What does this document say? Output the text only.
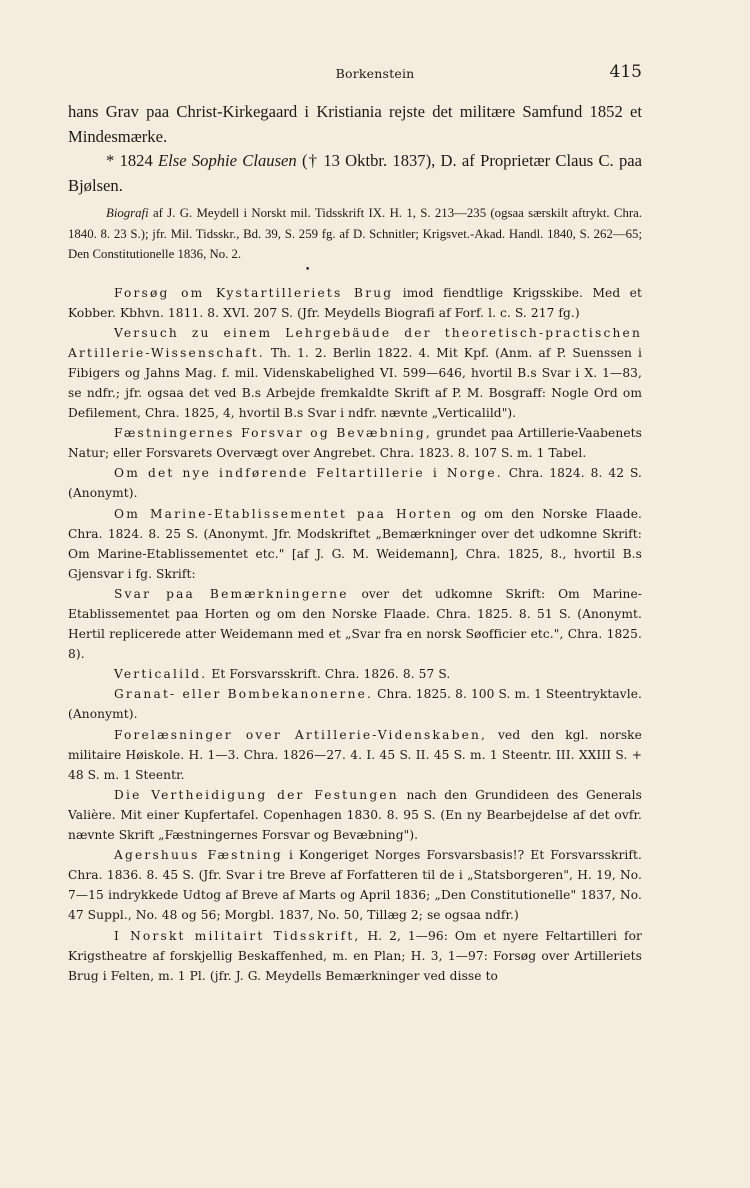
Borkenstein	415

hans Grav paa Christ-Kirkegaard i Kristiania rejste det militære Samfund 1852 et Mindesmærke.

* 1824 Else Sophie Clausen († 13 Oktbr. 1837), D. af Proprietær Claus C. paa Bjølsen.

Biografi af J. G. Meydell i Norskt mil. Tidsskrift IX. H. 1, S. 213—235 (ogsaa særskilt aftrykt. Chra. 1840. 8. 23 S.); jfr. Mil. Tidsskr., Bd. 39, S. 259 fg. af D. Schnitler; Krigsvet.-Akad. Handl. 1840, S. 262—65; Den Constitutionelle 1836, No. 2.

•

Forsøg om Kystartilleriets Brug imod fiendtlige Krigsskibe. Med et Kobber. Kbhvn. 1811. 8. XVI. 207 S. (Jfr. Meydells Biografi af Forf. l. c. S. 217 fg.)

Versuch zu einem Lehrgebäude der theoretisch-practischen Artillerie-Wissenschaft. Th. 1. 2. Berlin 1822. 4. Mit Kpf. (Anm. af P. Suenssen i Fibigers og Jahns Mag. f. mil. Videnskabelighed VI. 599—646, hvortil B.s Svar i X. 1—83, se ndfr.; jfr. ogsaa det ved B.s Arbejde fremkaldte Skrift af P. M. Bosgraff: Nogle Ord om Defilement, Chra. 1825, 4, hvortil B.s Svar i ndfr. nævnte „Verticalild").

Fæstningernes Forsvar og Bevæbning, grundet paa Artillerie-Vaabenets Natur; eller Forsvarets Overvægt over Angrebet. Chra. 1823. 8. 107 S. m. 1 Tabel.

Om det nye indførende Feltartillerie i Norge. Chra. 1824. 8. 42 S. (Anonymt).

Om Marine-Etablissementet paa Horten og om den Norske Flaade. Chra. 1824. 8. 25 S. (Anonymt. Jfr. Modskriftet „Bemærkninger over det udkomne Skrift: Om Marine-Etablissementet etc." [af J. G. M. Weidemann], Chra. 1825, 8., hvortil B.s Gjensvar i fg. Skrift:

Svar paa Bemærkningerne over det udkomne Skrift: Om Marine-Etablissementet paa Horten og om den Norske Flaade. Chra. 1825. 8. 51 S. (Anonymt. Hertil replicerede atter Weidemann med et „Svar fra en norsk Søofficier etc.", Chra. 1825. 8).

Verticalild. Et Forsvarsskrift. Chra. 1826. 8. 57 S.

Granat- eller Bombekanonerne. Chra. 1825. 8. 100 S. m. 1 Steentryktavle. (Anonymt).

Forelæsninger over Artillerie-Videnskaben, ved den kgl. norske militaire Høiskole. H. 1—3. Chra. 1826—27. 4. I. 45 S. II. 45 S. m. 1 Steentr. III. XXIII S. + 48 S. m. 1 Steentr.

Die Vertheidigung der Festungen nach den Grundideen des Generals Valière. Mit einer Kupfertafel. Copenhagen 1830. 8. 95 S. (En ny Bearbejdelse af det ovfr. nævnte Skrift „Fæstningernes Forsvar og Bevæbning").

Agershuus Fæstning i Kongeriget Norges Forsvarsbasis!? Et Forsvarsskrift. Chra. 1836. 8. 45 S. (Jfr. Svar i tre Breve af Forfatteren til de i „Statsborgeren", H. 19, No. 7—15 indrykkede Udtog af Breve af Marts og April 1836; „Den Constitutionelle" 1837, No. 47 Suppl., No. 48 og 56; Morgbl. 1837, No. 50, Tillæg 2; se ogsaa ndfr.)

I Norskt militairt Tidsskrift, H. 2, 1—96: Om et nyere Feltartilleri for Krigstheatre af forskjellig Beskaffenhed, m. en Plan; H. 3, 1—97: Forsøg over Artilleriets Brug i Felten, m. 1 Pl. (jfr. J. G. Meydells Bemærkninger ved disse to
